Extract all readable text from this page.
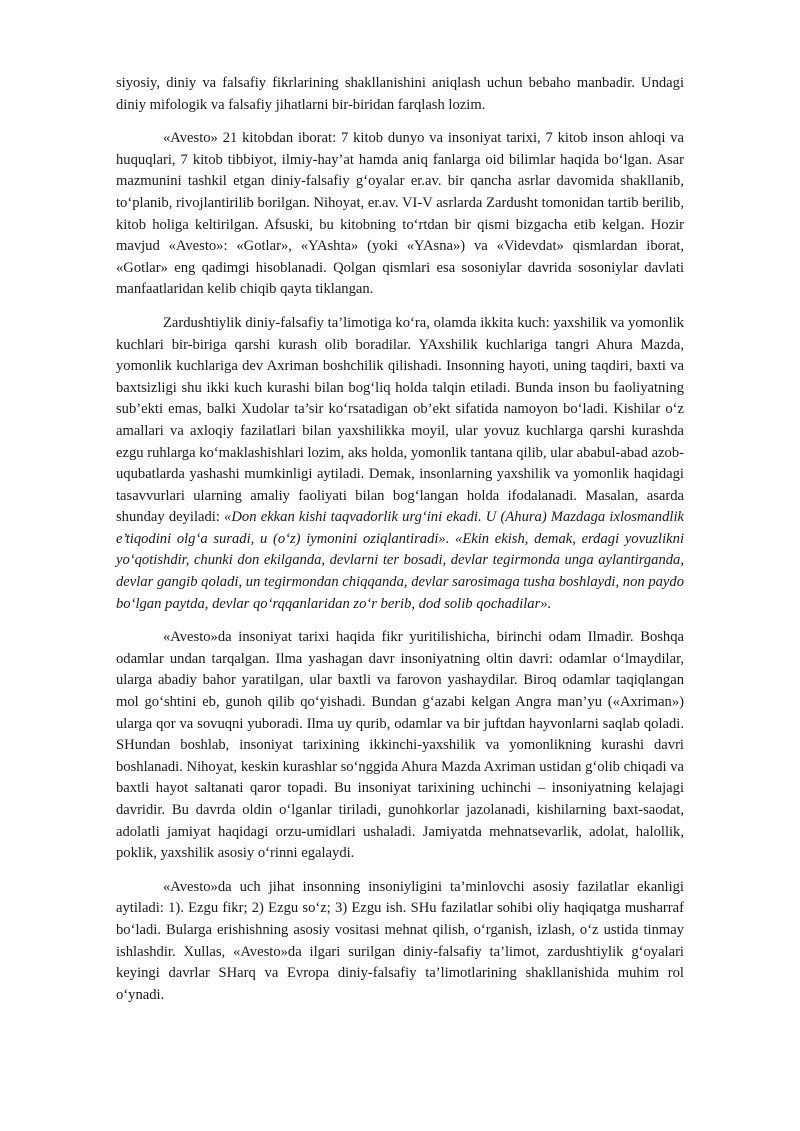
siyosiy, diniy va falsafiy fikrlarining shakllanishini aniqlash uchun bebaho manbadir. Undagi diniy mifologik va falsafiy jihatlarni bir-biridan farqlash lozim.

«Avesto» 21 kitobdan iborat: 7 kitob dunyo va insoniyat tarixi, 7 kitob inson ahloqi va huquqlari, 7 kitob tibbiyot, ilmiy-hay’at hamda aniq fanlarga oid bilimlar haqida bo‘lgan. Asar mazmunini tashkil etgan diniy-falsafiy g‘oyalar er.av. bir qancha asrlar davomida shakllanib, to‘planib, rivojlantirilib borilgan. Nihoyat, er.av. VI-V asrlarda Zardusht tomonidan tartib berilib, kitob holiga keltirilgan. Afsuski, bu kitobning to‘rtdan bir qismi bizgacha etib kelgan. Hozir mavjud «Avesto»: «Gotlar», «YAshta» (yoki «YAsna») va «Videvdat» qismlardan iborat, «Gotlar» eng qadimgi hisoblanadi. Qolgan qismlari esa sosoniylar davrida sosoniylar davlati manfaatlaridan kelib chiqib qayta tiklangan.

Zardushtiylik diniy-falsafiy ta’limotiga ko‘ra, olamda ikkita kuch: yaxshilik va yomonlik kuchlari bir-biriga qarshi kurash olib boradilar. YAxshilik kuchlariga tangri Ahura Mazda, yomonlik kuchlariga dev Axriman boshchilik qilishadi. Insonning hayoti, uning taqdiri, baxti va baxtsizligi shu ikki kuch kurashi bilan bog‘liq holda talqin etiladi. Bunda inson bu faoliyatning sub’ekti emas, balki Xudolar ta’sir ko‘rsatadigan ob’ekt sifatida namoyon bo‘ladi. Kishilar o‘z amallari va axloqiy fazilatlari bilan yaxshilikka moyil, ular yovuz kuchlarga qarshi kurashda ezgu ruhlarga ko‘maklashishlari lozim, aks holda, yomonlik tantana qilib, ular ababul-abad azob-uqubatlarda yashashi mumkinligi aytiladi. Demak, insonlarning yaxshilik va yomonlik haqidagi tasavvurlari ularning amaliy faoliyati bilan bog‘langan holda ifodalanadi. Masalan, asarda shunday deyiladi: «Don ekkan kishi taqvadorlik urg‘ini ekadi. U (Ahura) Mazdaga ixlosmandlik e’tiqodini olg‘a suradi, u (o‘z) iymonini oziqlantiradi». «Ekin ekish, demak, erdagi yovuzlikni yo‘qotishdir, chunki don ekilganda, devlarni ter bosadi, devlar tegirmonda unga aylantirganda, devlar gangib qoladi, un tegirmondan chiqqanda, devlar sarosimaga tusha boshlaydi, non paydo bo‘lgan paytda, devlar qo‘rqqanlaridan zo‘r berib, dod solib qochadilar».

«Avesto»da insoniyat tarixi haqida fikr yuritilishicha, birinchi odam Ilmadir. Boshqa odamlar undan tarqalgan. Ilma yashagan davr insoniyatning oltin davri: odamlar o‘lmaydilar, ularga abadiy bahor yaratilgan, ular baxtli va farovon yashaydilar. Biroq odamlar taqiqlangan mol go‘shtini eb, gunoh qilib qo‘yishadi. Bundan g‘azabi kelgan Angra man’yu («Axriman») ularga qor va sovuqni yuboradi. Ilma uy qurib, odamlar va bir juftdan hayvonlarni saqlab qoladi. SHundan boshlab, insoniyat tarixining ikkinchi-yaxshilik va yomonlikning kurashi davri boshlanadi. Nihoyat, keskin kurashlar so‘nggida Ahura Mazda Axriman ustidan g‘olib chiqadi va baxtli hayot saltanati qaror topadi. Bu insoniyat tarixining uchinchi – insoniyatning kelajagi davridir. Bu davrda oldin o‘lganlar tiriladi, gunohkorlar jazolanadi, kishilarning baxt-saodat, adolatli jamiyat haqidagi orzu-umidlari ushaladi. Jamiyatda mehnatsevarlik, adolat, halollik, poklik, yaxshilik asosiy o‘rinni egalaydi.

«Avesto»da uch jihat insonning insoniyligini ta’minlovchi asosiy fazilatlar ekanligi aytiladi: 1). Ezgu fikr; 2) Ezgu so‘z; 3) Ezgu ish. SHu fazilatlar sohibi oliy haqiqatga musharraf bo‘ladi. Bularga erishishning asosiy vositasi mehnat qilish, o‘rganish, izlash, o‘z ustida tinmay ishlashdir. Xullas, «Avesto»da ilgari surilgan diniy-falsafiy ta’limot, zardushtiylik g‘oyalari keyingi davrlar SHarq va Evropa diniy-falsafiy ta’limotlarining shakllanishida muhim rol o‘ynadi.
